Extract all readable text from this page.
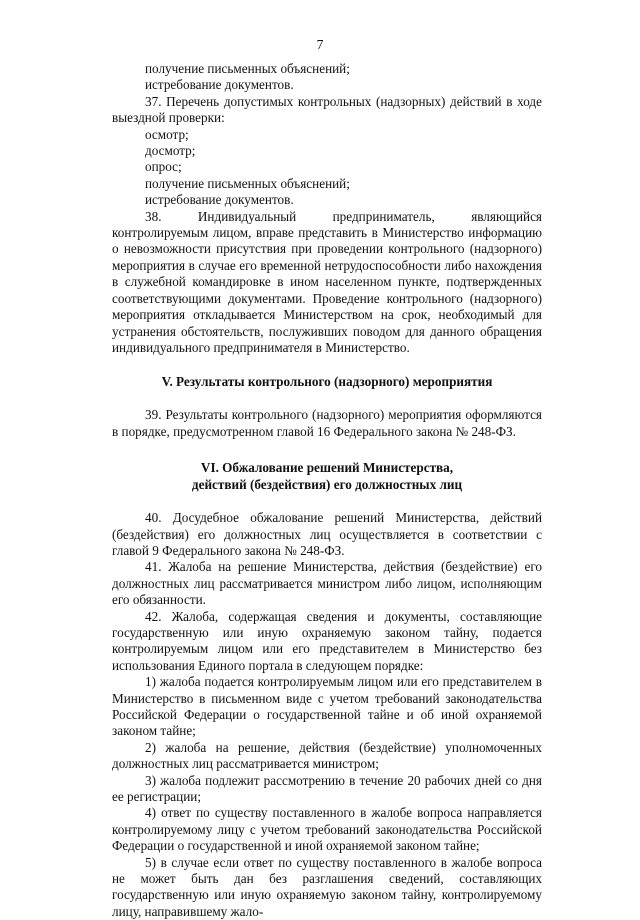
7

получение письменных объяснений;

истребование документов.

37. Перечень допустимых контрольных (надзорных) действий в ходе выездной проверки:

осмотр;

досмотр;

опрос;

получение письменных объяснений;

истребование документов.

38. Индивидуальный предприниматель, являющийся контролируемым лицом, вправе представить в Министерство информацию о невозможности присутствия при проведении контрольного (надзорного) мероприятия в случае его временной нетрудоспособности либо нахождения в служебной командировке в ином населенном пункте, подтвержденных соответствующими документами. Проведение контрольного (надзорного) мероприятия откладывается Министерством на срок, необходимый для устранения обстоятельств, послуживших поводом для данного обращения индивидуального предпринимателя в Министерство.

V. Результаты контрольного (надзорного) мероприятия

39. Результаты контрольного (надзорного) мероприятия оформляются в порядке, предусмотренном главой 16 Федерального закона № 248-ФЗ.

VI. Обжалование решений Министерства,

действий (бездействия) его должностных лиц

40. Досудебное обжалование решений Министерства, действий (бездействия) его должностных лиц осуществляется в соответствии с главой 9 Федерального закона № 248-ФЗ.

41. Жалоба на решение Министерства, действия (бездействие) его должностных лиц рассматривается министром либо лицом, исполняющим его обязанности.

42. Жалоба, содержащая сведения и документы, составляющие государственную или иную охраняемую законом тайну, подается контролируемым лицом или его представителем в Министерство без использования Единого портала в следующем порядке:

1) жалоба подается контролируемым лицом или его представителем в Министерство в письменном виде с учетом требований законодательства Российской Федерации о государственной тайне и об иной охраняемой законом тайне;

2) жалоба на решение, действия (бездействие) уполномоченных должностных лиц рассматривается министром;

3) жалоба подлежит рассмотрению в течение 20 рабочих дней со дня ее регистрации;

4) ответ по существу поставленного в жалобе вопроса направляется контролируемому лицу с учетом требований законодательства Российской Федерации о государственной и иной охраняемой законом тайне;

5) в случае если ответ по существу поставленного в жалобе вопроса не может быть дан без разглашения сведений, составляющих государственную или иную охраняемую законом тайну, контролируемому лицу, направившему жало-
